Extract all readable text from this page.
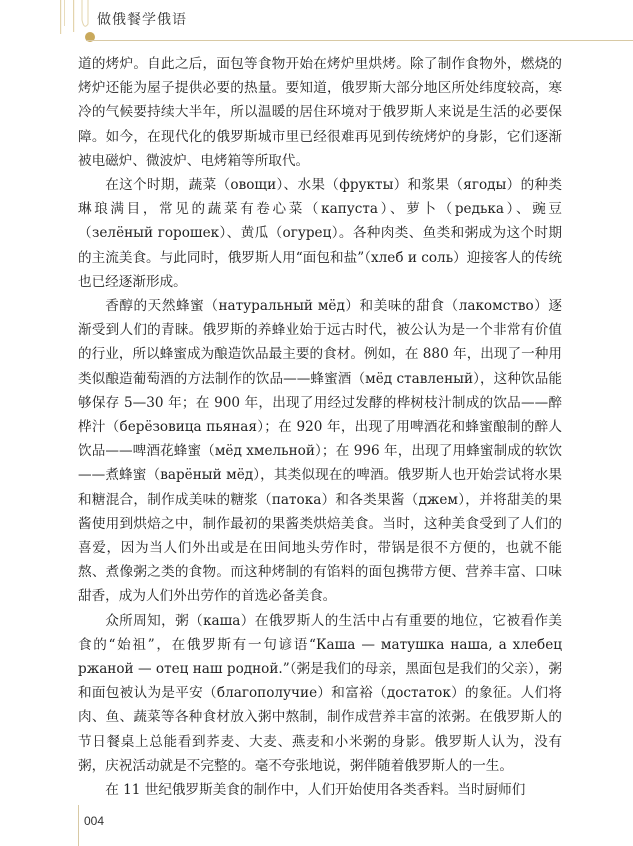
做俄餐学俄语

道的烤炉。自此之后，面包等食物开始在烤炉里烘烤。除了制作食物外，燃烧的烤炉还能为屋子提供必要的热量。要知道，俄罗斯大部分地区所处纬度较高，寒冷的气候要持续大半年，所以温暖的居住环境对于俄罗斯人来说是生活的必要保障。如今，在现代化的俄罗斯城市里已经很难再见到传统烤炉的身影，它们逐渐被电磁炉、微波炉、电烤箱等所取代。

在这个时期，蔬菜（овощи）、水果（фрукты）和浆果（ягоды）的种类琳琅满目，常见的蔬菜有卷心菜（капуста）、萝卜（редька）、豌豆（зелёный горошек）、黄瓜（огурец）。各种肉类、鱼类和粥成为这个时期的主流美食。与此同时，俄罗斯人用“面包和盐”（хлеб и соль）迎接客人的传统也已经逐渐形成。

香醇的天然蜂蜜（натуральный мёд）和美味的甜食（лакомство）逐渐受到人们的青睐。俄罗斯的养蜂业始于远古时代，被公认为是一个非常有价值的行业，所以蜂蜜成为酿造饮品最主要的食材。例如，在 880 年，出现了一种用类似酿造葡萄酒的方法制作的饮品——蜂蜜酒（мёд ставленый），这种饮品能够保存 5—30 年；在 900 年，出现了用经过发酵的桦树枝汁制成的饮品——醉桦汁（берёзовица пьяная）；在 920 年，出现了用啤酒花和蜂蜜酿制的醉人饮品——啤酒花蜂蜜（мёд хмельной）；在 996 年，出现了用蜂蜜制成的软饮——煮蜂蜜（варёный мёд），其类似现在的啤酒。俄罗斯人也开始尝试将水果和糖混合，制作成美味的糖浆（патока）和各类果酱（джем），并将甜美的果酱使用到烘焙之中，制作最初的果酱类烘焙美食。当时，这种美食受到了人们的喜爱，因为当人们外出或是在田间地头劳作时，带锅是很不方便的，也就不能熬、煮像粥之类的食物。而这种烤制的有馅料的面包携带方便、营养丰富、口味甜香，成为人们外出劳作的首选必备美食。

众所周知，粥（каша）在俄罗斯人的生活中占有重要的地位，它被看作美食的“始祖”，在俄罗斯有一句谚语“Каша — матушка наша, а хлебец ржаной — отец наш родной.”（粥是我们的母亲，黑面包是我们的父亲），粥和面包被认为是平安（благополучие）和富裕（достаток）的象征。人们将肉、鱼、蔬菜等各种食材放入粥中熬制，制作成营养丰富的浓粥。在俄罗斯人的节日餐桌上总能看到荞麦、大麦、燕麦和小米粥的身影。俄罗斯人认为，没有粥，庆祝活动就是不完整的。毫不夸张地说，粥伴随着俄罗斯人的一生。

在 11 世纪俄罗斯美食的制作中，人们开始使用各类香料。当时厨师们

004
